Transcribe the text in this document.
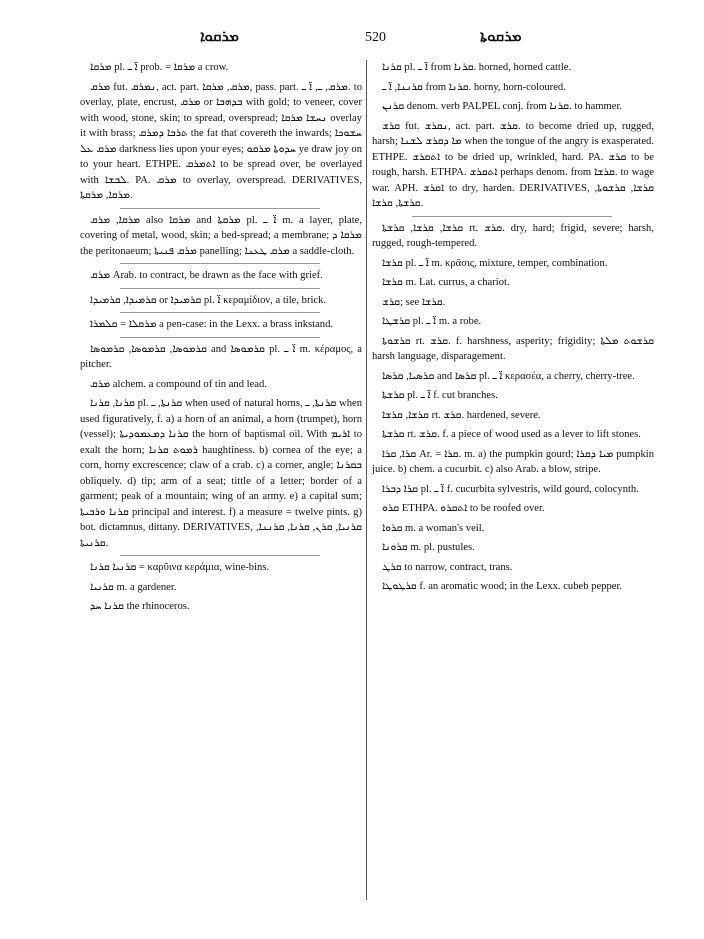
ܡܪܩܘܐ	520	ܡܪܩܘܬܐ

ܡܪܩܐ pl. ܐ̈ ـ prob. = ܡܪܩܐ a crow.

ܡܪܩ fut. ܢܡܪܩ, act. part. ܡܪܩ, ܡܪܩܐ, pass. part. ܡܪܩ, ـ, ܐ̈ ـ. to overlay, plate, encrust, ܡܪܩ or ܒܕܗܒܐ with gold; to veneer, cover with wood, stone, skin; to spread, overspread; ܢܚܫܐ ܡܪܩܐ overlay it with brass; ܬܪܒܐ ܕܡܪܩ the fat that covereth the inwards; ܚܫܘܟܐ ܡܪܩ ܥܠ darkness lies upon your eyes; ܚܕܘܬܐ ܡܪܩܘ ye draw joy on to your heart. ETHPE. ܐܬܡܪܩ to be spread over, be overlayed with ܠܒܫܐ. PA. ܡܪܩ to overlay, overspread. DERIVATIVES, ܡܪܩܐ, ܡܪܩܬܐ.

ܡܪܩܐ, ܡܪܩ also ܡܪܩܐ and ܡܪܩܬܐ pl. ܐ̈ ـ m. a layer, plate, covering of metal, wood, skin; a bed-spread; a membrane; ܡܪܩܐ ܕ the peritonaeum; ܡܪܩ ܦܢܝܬܐ panelling; ܡܪܩ ܛܥܢܐ a saddle-cloth.

ܡܪܩ Arab. to contract, be drawn as the face with grief.

ܩܪܡܝܕܐ, ܩܪܡܝܕܐ or ܩܪܡܝܕܐ pl. ܐ̈ κεραμίδιον, a tile, brick.

ܡܪܩܠܐ = ܩܠܡܪܐ a pen-case: in the Lexx. a brass inkstand.

ܩܪܡܘܣܐ, ܩܪܡܘܣܐ, ܩܪܡܘܣܐ and ܩܪܡܘܣܐ pl. ܐ̈ ـ m. κέραμος, a pitcher.

ܡܪܩ alchem. a compound of tin and lead.

ܩܪܢܐ, ܩܪܢܐ pl. ܩܪܢܬܐ, ـ when used of natural horns, ܩܪܢܬܐ, ـ when used figuratively, f. a) a horn of an animal, a horn (trumpet), horn (vessel); ܩܪܢܐ ܕܡܥܡܘܕܝܬܐ the horn of baptismal oil. With ܐܪܝܡ to exalt the horn; ܪܡܘܬ ܩܪܢܐ haughtiness. b) cornea of the eye; a corn, horny excrescence; claw of a crab. c) a corner, angle; ܒܩܪܢܐ obliquely. d) tip; arm of a seat; tittle of a letter; border of a garment; peak of a mountain; wing of an army. e) a capital sum; ܩܪܢܐ ܘܪܒܝܬܐ principal and interest. f) a measure = twelve pints. g) bot. dictamnus, dittany. DERIVATIVES, ܩܪܢܝܐ, ܩܪܢ, ܩܪܢܐ, ܩܪܢܢܐ, ܩܪܢܝܬܐ.

ܩܪܢܝܐ ܩܪܢܐ = καρῦινα κεράμια, wine-bins.

ܩܪܢܝܐ m. a gardener.

ܩܪܢܐ ܚܕ the rhinoceros.

ܩܪܢܐ pl. ܐ̈ ـ from ܩܪܢܐ. horned, horned cattle.

ܩܪܢܢܐ, ܐ̈ ـ from ܩܪܢܐ. horny, horn-coloured.

ܩܪܢܢ denom. verb PALPEL conj. from ܩܪܢܐ. to hammer.

ܩܪܫ fut. ܢܩܪܫ, act. part. ܩܪܫ. to become dried up, rugged, harsh; ܡܐ ܕܩܪܫ ܠܫܢܐ when the tongue of the angry is exasperated. ETHPE. ܐܬܩܪܫ to be dried up, wrinkled, hard. PA. ܩܪܫ to be rough, harsh. ETHPA. ܐܬܩܪܫ perhaps denom. from ܩܪܫܐ. to wage war. APH. ܐܩܪܫ to dry, harden. DERIVATIVES, ܩܪܫܐ, ܩܪܫܘܬܐ, ܩܪܫܬܐ, ܩܪܫܐ.

ܩܪܫܐ, ܩܪܫܐ, ܩܪܫܬܐ rt. ܩܪܫ. dry, hard; frigid, severe; harsh, rugged, rough-tempered.

ܩܪܫܐ pl. ܐ̈ ـ m. κρᾶσις, mixture, temper, combination.

ܩܪܫܐ m. Lat. currus, a chariot.

ܩܪܫ; see ܩܪܫܐ.

ܩܪܫܛܐ pl. ܐ̈ ـ m. a robe.

ܩܪܫܘܬܐ rt. ܩܪܫ. f. harshness, asperity; frigidity; ܩܪܫܘܬ ܡܠܬܐ harsh language, disparagement.

ܩܪܣܝܐ, ܩܪܣܐ and ܩܪܣܐ pl. ܐ̈ ـ κερασέα, a cherry, cherry-tree.

ܩܪܫܬܐ pl. ܐ̈ ـ f. cut branches.

ܩܪܫܐ, ܩܪܫܐ rt. ܩܪܫ. hardened, severe.

ܩܪܫܬܐ rt. ܩܪܫ. f. a piece of wood used as a lever to lift stones.

ܩܪܐ, ܩܪܐ Ar. = ܩܪܐ. m. a) the pumpkin gourd; ܡܝܐ ܕܩܪܐ pumpkin juice. b) chem. a cucurbit. c) also Arab. a blow, stripe.

ܩܪܐ ܕܒܪܐ pl. ܐ̈ ـ f. cucurbita sylvestris, wild gourd, colocynth.

ܩܪܘ ETHPA. ܐܬܩܪܘ to be roofed over.

ܩܪܘܐ m. a woman's veil.

ܩܪܘܢܐ m. pl. pustules.

ܩܪܛ to narrow, contract, trans.

ܩܪܛܘܛܐ f. an aromatic wood; in the Lexx. cubeb pepper.
